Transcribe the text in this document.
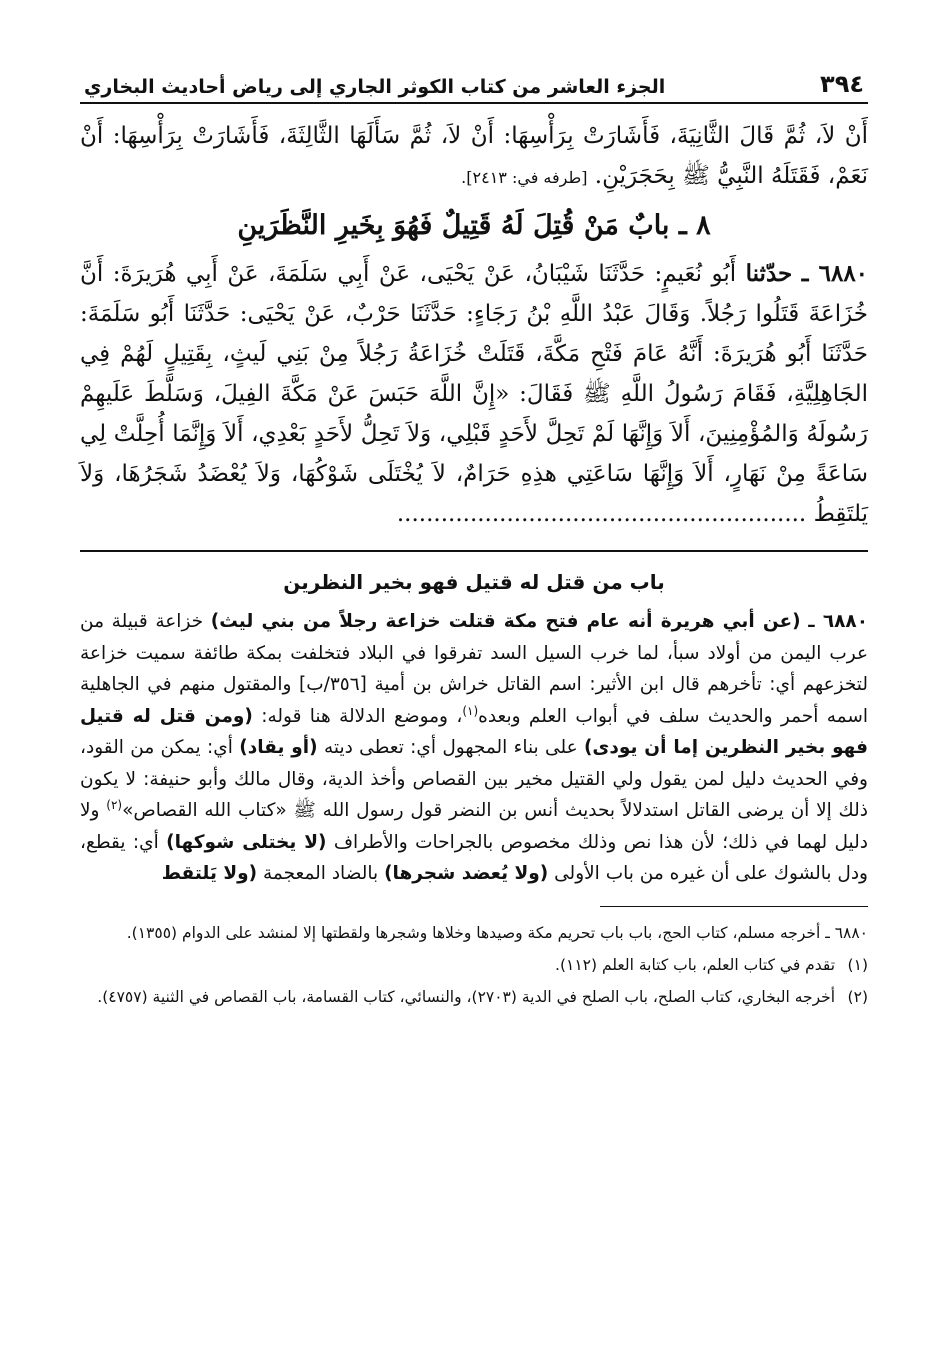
٣٩٤
الجزء العاشر من كتاب الكوثر الجاري إلى رياض أحاديث البخاري

أَنْ لاَ، ثُمَّ قَالَ الثَّانِيَةَ، فَأَشَارَتْ بِرَأْسِهَا: أَنْ لاَ، ثُمَّ سَأَلَهَا الثَّالِثَةَ، فَأَشَارَتْ بِرَأْسِهَا: أَنْ نَعَمْ، فَقَتَلَهُ النَّبِيُّ ﷺ بِحَجَرَيْنِ. [طرفه في: ٢٤١٣].

٨ ـ بابٌ مَنْ قُتِلَ لَهُ قَتِيلٌ فَهُوَ بِخَيرِ النَّظَرَينِ

٦٨٨٠ ـ حدّثنا أَبُو نُعَيمٍ: حَدَّثَنَا شَيْبَانُ، عَنْ يَحْيَى، عَنْ أَبِي سَلَمَةَ، عَنْ أَبِي هُرَيرَةَ: أَنَّ خُزَاعَةَ قَتَلُوا رَجُلاً. وَقَالَ عَبْدُ اللَّهِ بْنُ رَجَاءٍ: حَدَّثَنَا حَرْبٌ، عَنْ يَحْيَى: حَدَّثَنَا أَبُو سَلَمَةَ: حَدَّثَنَا أَبُو هُرَيرَةَ: أَنَّهُ عَامَ فَتْحِ مَكَّةَ، قَتَلَتْ خُزَاعَةُ رَجُلاً مِنْ بَنِي لَيثٍ، بِقَتِيلٍ لَهُمْ فِي الجَاهِلِيَّةِ، فَقَامَ رَسُولُ اللَّهِ ﷺ فَقَالَ: «إِنَّ اللَّهَ حَبَسَ عَنْ مَكَّةَ الفِيلَ، وَسَلَّطَ عَلَيهِمْ رَسُولَهُ وَالمُؤْمِنِينَ، أَلاَ وَإِنَّهَا لَمْ تَحِلَّ لأَحَدٍ قَبْلِي، وَلاَ تَحِلُّ لأَحَدٍ بَعْدِي، أَلاَ وَإِنَّمَا أُحِلَّتْ لِي سَاعَةً مِنْ نَهَارٍ، أَلاَ وَإِنَّهَا سَاعَتِي هذِهِ حَرَامٌ، لاَ يُخْتَلَى شَوْكُهَا، وَلاَ يُعْضَدُ شَجَرُهَا، وَلاَ يَلتَقِطُ ........................................................

باب من قتل له قتيل فهو بخير النظرين

٦٨٨٠ ـ (عن أبي هريرة أنه عام فتح مكة قتلت خزاعة رجلاً من بني ليث) خزاعة قبيلة من عرب اليمن من أولاد سبأ، لما خرب السيل السد تفرقوا في البلاد فتخلفت بمكة طائفة سميت خزاعة لتخزعهم أي: تأخرهم قال ابن الأثير: اسم القاتل خراش بن أمية [٣٥٦/ب] والمقتول منهم في الجاهلية اسمه أحمر والحديث سلف في أبواب العلم وبعده$^{(١)}$، وموضع الدلالة هنا قوله: (ومن قتل له قتيل فهو بخير النظرين إما أن يودى) على بناء المجهول أي: تعطى ديته (أو يقاد) أي: يمكن من القود، وفي الحديث دليل لمن يقول ولي القتيل مخير بين القصاص وأخذ الدية، وقال مالك وأبو حنيفة: لا يكون ذلك إلا أن يرضى القاتل استدلالاً بحديث أنس بن النضر قول رسول الله ﷺ «كتاب الله القصاص»$^{(٢)}$ ولا دليل لهما في ذلك؛ لأن هذا نص وذلك مخصوص بالجراحات والأطراف (لا يختلى شوكها) أي: يقطع، ودل بالشوك على أن غيره من باب الأولى (ولا يُعضد شجرها) بالضاد المعجمة (ولا يَلتقط

٦٨٨٠ ـ أخرجه مسلم، كتاب الحج، باب باب تحريم مكة وصيدها وخلاها وشجرها ولقطتها إلا لمنشد على الدوام (١٣٥٥).

(١) تقدم في كتاب العلم، باب كتابة العلم (١١٢).

(٢) أخرجه البخاري، كتاب الصلح، باب الصلح في الدية (٢٧٠٣)، والنسائي، كتاب القسامة، باب القصاص في الثنية (٤٧٥٧).
